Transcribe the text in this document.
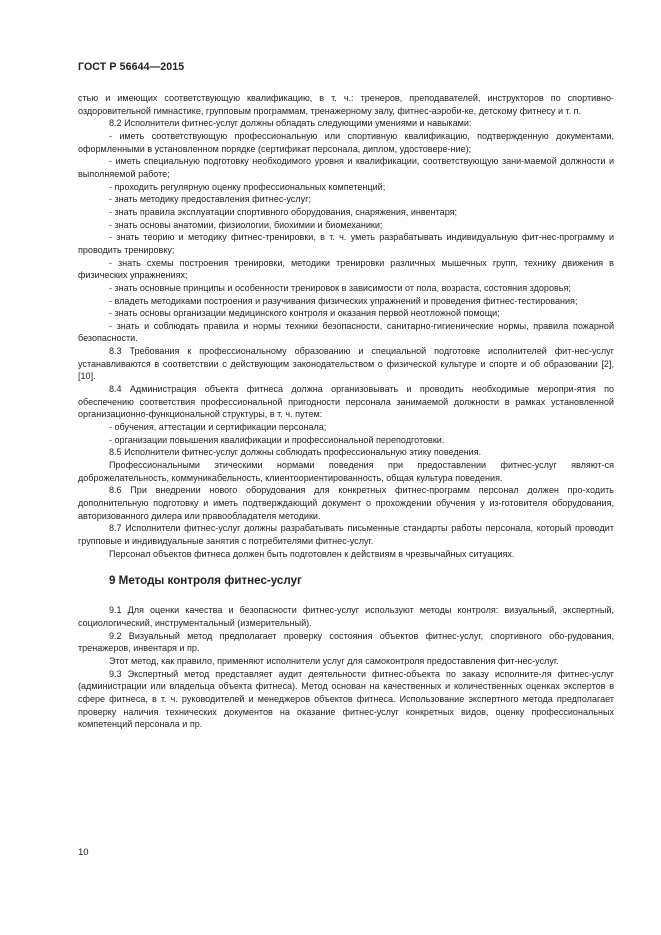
ГОСТ Р 56644—2015

стью и имеющих соответствующую квалификацию, в т. ч.: тренеров, преподавателей, инструкторов по спортивно-оздоровительной гимнастике, групповым программам, тренажерному залу, фитнес-аэроби-ке, детскому фитнесу и т. п.

8.2 Исполнители фитнес-услуг должны обладать следующими умениями и навыками:

- иметь соответствующую профессиональную или спортивную квалификацию, подтвержденную документами, оформленными в установленном порядке (сертификат персонала, диплом, удостовере-ние);

- иметь специальную подготовку необходимого уровня и квалификации, соответствующую зани-маемой должности и выполняемой работе;

- проходить регулярную оценку профессиональных компетенций;

- знать методику предоставления фитнес-услуг;

- знать правила эксплуатации спортивного оборудования, снаряжения, инвентаря;

- знать основы анатомии, физиологии, биохимии и биомеханики;

- знать теорию и методику фитнес-тренировки, в т. ч. уметь разрабатывать индивидуальную фит-нес-программу и проводить тренировку;

- знать схемы построения тренировки, методики тренировки различных мышечных групп, технику движения в физических упражнениях;

- знать основные принципы и особенности тренировок в зависимости от пола, возраста, состояния здоровья;

- владеть методиками построения и разучивания физических упражнений и проведения фитнес-тестирования;

- знать основы организации медицинского контроля и оказания первой неотложной помощи;

- знать и соблюдать правила и нормы техники безопасности, санитарно-гигиенические нормы, правила пожарной безопасности.

8.3 Требования к профессиональному образованию и специальной подготовке исполнителей фит-нес-услуг устанавливаются в соответствии с действующим законодательством о физической культуре и спорте и об образовании [2], [10].

8.4 Администрация объекта фитнеса должна организовывать и проводить необходимые меропри-ятия по обеспечению соответствия профессиональной пригодности персонала занимаемой должности в рамках установленной организационно-функциональной структуры, в т. ч. путем:

- обучения, аттестации и сертификации персонала;

- организации повышения квалификации и профессиональной переподготовки.

8.5 Исполнители фитнес-услуг должны соблюдать профессиональную этику поведения.

Профессиональными этическими нормами поведения при предоставлении фитнес-услуг являют-ся доброжелательность, коммуникабельность, клиентоориентированность, общая культура поведения.

8.6 При внедрении нового оборудования для конкретных фитнес-программ персонал должен про-ходить дополнительную подготовку и иметь подтверждающий документ о прохождении обучения у из-готовителя оборудования, авторизованного дилера или правообладателя методики.

8.7 Исполнители фитнес-услуг должны разрабатывать письменные стандарты работы персонала, который проводит групповые и индивидуальные занятия с потребителями фитнес-услуг.

Персонал объектов фитнеса должен быть подготовлен к действиям в чрезвычайных ситуациях.

9 Методы контроля фитнес-услуг

9.1 Для оценки качества и безопасности фитнес-услуг используют методы контроля: визуальный, экспертный, социологический, инструментальный (измерительный).

9.2 Визуальный метод предполагает проверку состояния объектов фитнес-услуг, спортивного обо-рудования, тренажеров, инвентаря и пр.

Этот метод, как правило, применяют исполнители услуг для самоконтроля предоставления фит-нес-услуг.

9.3 Экспертный метод представляет аудит деятельности фитнес-объекта по заказу исполните-ля фитнес-услуг (администрации или владельца объекта фитнеса). Метод основан на качественных и количественных оценках экспертов в сфере фитнеса, в т. ч. руководителей и менеджеров объектов фитнеса. Использование экспертного метода предполагает проверку наличия технических документов на оказание фитнес-услуг конкретных видов, оценку профессиональных компетенций персонала и пр.

10
